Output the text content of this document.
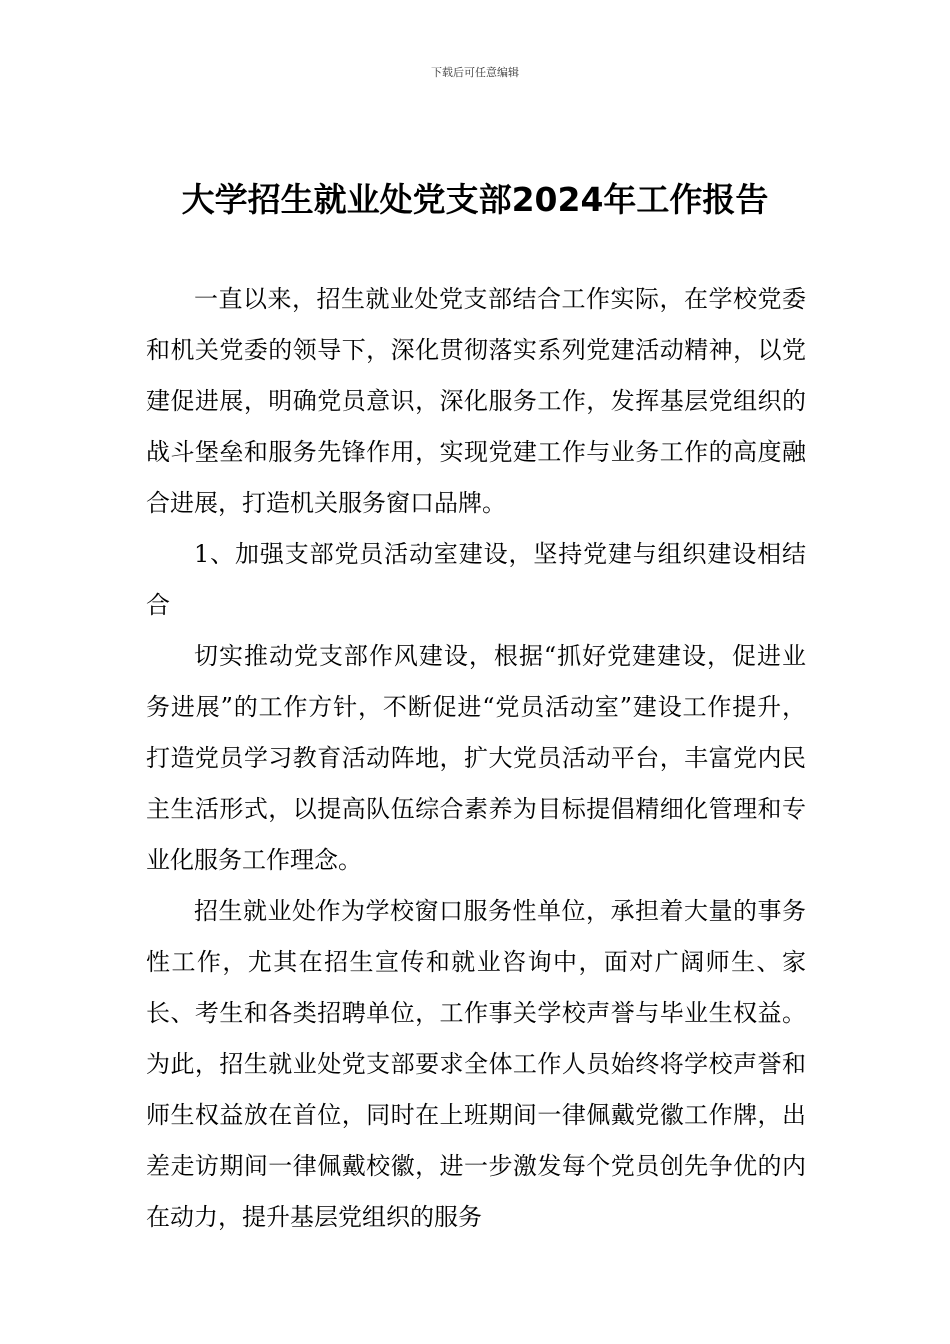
下载后可任意编辑
大学招生就业处党支部2024年工作报告

一直以来，招生就业处党支部结合工作实际，在学校党委和机关党委的领导下，深化贯彻落实系列党建活动精神，以党建促进展，明确党员意识，深化服务工作，发挥基层党组织的战斗堡垒和服务先锋作用，实现党建工作与业务工作的高度融合进展，打造机关服务窗口品牌。

1、加强支部党员活动室建设，坚持党建与组织建设相结合

切实推动党支部作风建设，根据“抓好党建建设，促进业务进展”的工作方针，不断促进“党员活动室”建设工作提升，打造党员学习教育活动阵地，扩大党员活动平台，丰富党内民主生活形式，以提高队伍综合素养为目标提倡精细化管理和专业化服务工作理念。

招生就业处作为学校窗口服务性单位，承担着大量的事务性工作，尤其在招生宣传和就业咨询中，面对广阔师生、家长、考生和各类招聘单位，工作事关学校声誉与毕业生权益。为此，招生就业处党支部要求全体工作人员始终将学校声誉和师生权益放在首位，同时在上班期间一律佩戴党徽工作牌，出差走访期间一律佩戴校徽，进一步激发每个党员创先争优的内在动力，提升基层党组织的服务
